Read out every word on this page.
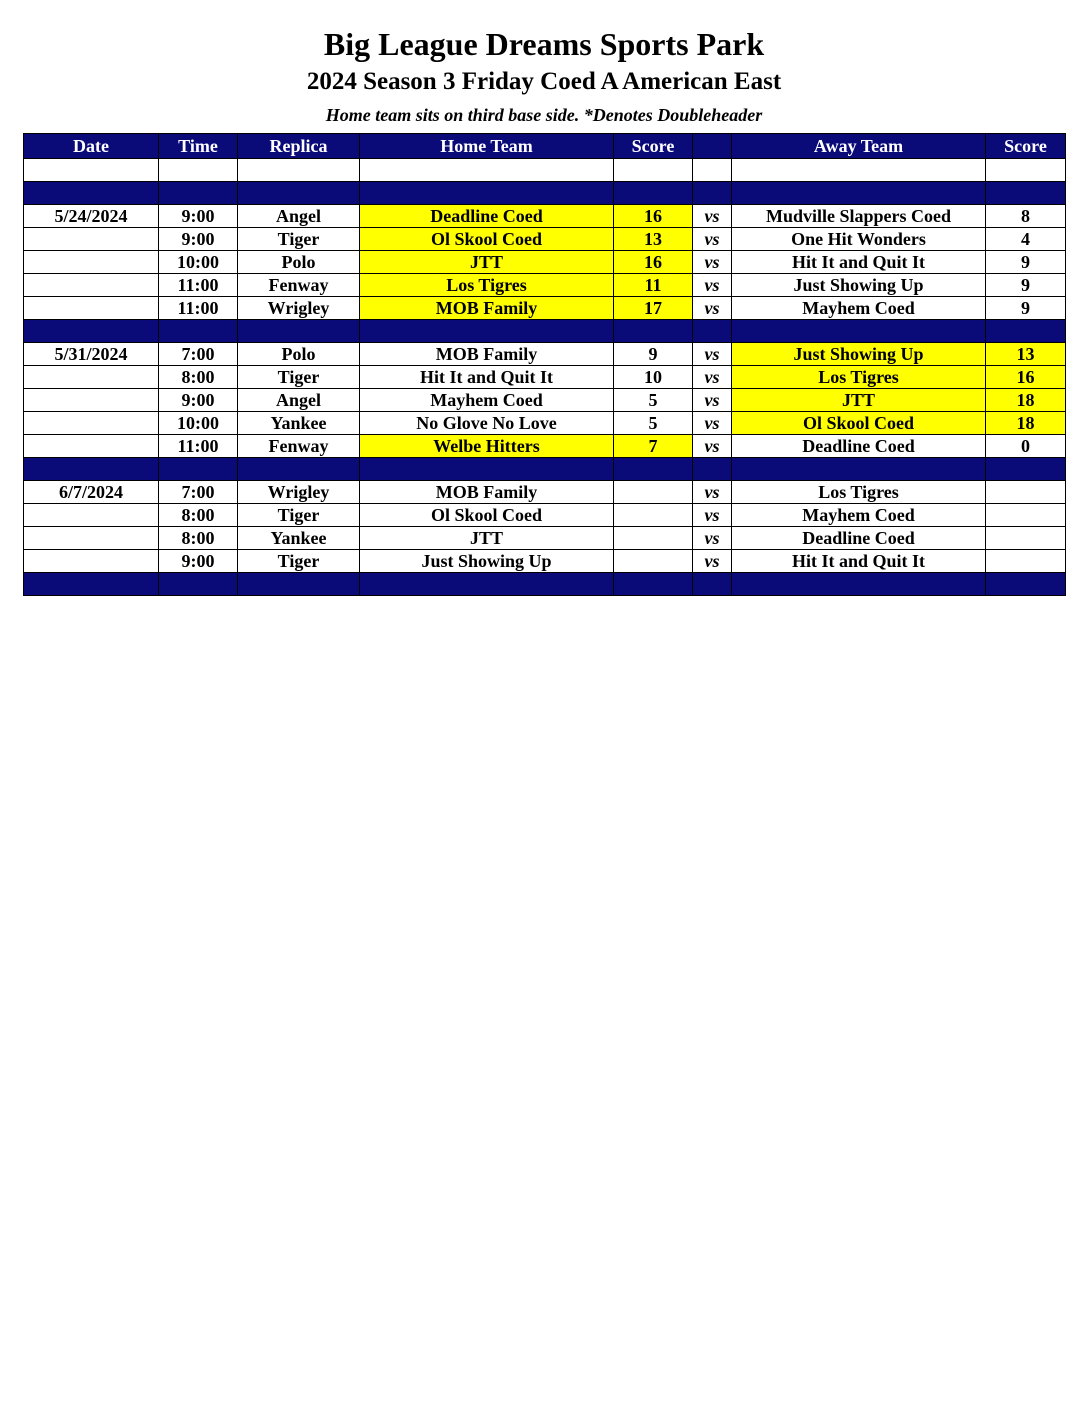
Big League Dreams Sports Park
2024 Season 3 Friday Coed A American East
Home team sits on third base side. *Denotes Doubleheader
Date	Time	Replica	Home Team	Score		Away Team	Score

5/24/2024	9:00	Angel	Deadline Coed	16	vs	Mudville Slappers Coed	8
	9:00	Tiger	Ol Skool Coed	13	vs	One Hit Wonders	4
	10:00	Polo	JTT	16	vs	Hit It and Quit It	9
	11:00	Fenway	Los Tigres	11	vs	Just Showing Up	9
	11:00	Wrigley	MOB Family	17	vs	Mayhem Coed	9

5/31/2024	7:00	Polo	MOB Family	9	vs	Just Showing Up	13
	8:00	Tiger	Hit It and Quit It	10	vs	Los Tigres	16
	9:00	Angel	Mayhem Coed	5	vs	JTT	18
	10:00	Yankee	No Glove No Love	5	vs	Ol Skool Coed	18
	11:00	Fenway	Welbe Hitters	7	vs	Deadline Coed	0

6/7/2024	7:00	Wrigley	MOB Family		vs	Los Tigres	
	8:00	Tiger	Ol Skool Coed		vs	Mayhem Coed	
	8:00	Yankee	JTT		vs	Deadline Coed	
	9:00	Tiger	Just Showing Up		vs	Hit It and Quit It	
